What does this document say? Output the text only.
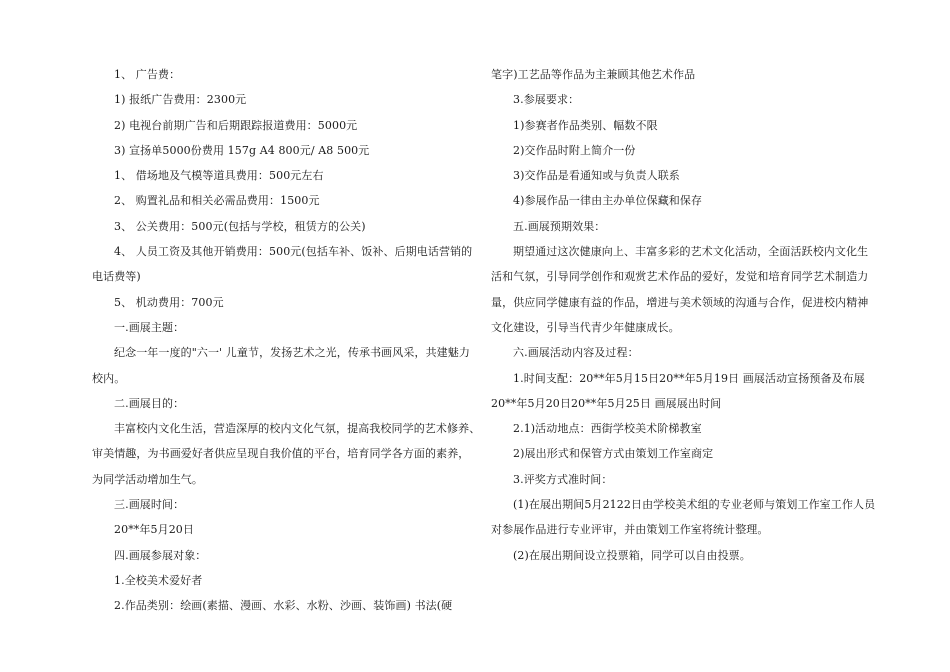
1、 广告费：
1) 报纸广告费用：2300元
2) 电视台前期广告和后期跟踪报道费用：5000元
3) 宣扬单5000份费用 157g A4 800元/ A8 500元
1、 借场地及气模等道具费用：500元左右
2、 购置礼品和相关必需品费用：1500元
3、 公关费用：500元(包括与学校，租赁方的公关)
4、 人员工资及其他开销费用：500元(包括车补、饭补、后期电话营销的
电话费等)
5、 机动费用：700元
一.画展主题：
纪念一年一度的"六一' 儿童节，发扬艺术之光，传承书画风采，共建魅力
校内。
二.画展目的：
丰富校内文化生活，营造深厚的校内文化气氛，提高我校同学的艺术修养、
审美情趣，为书画爱好者供应呈现自我价值的平台，培育同学各方面的素养，
为同学活动增加生气。
三.画展时间：
20**年5月20日
四.画展参展对象：
1.全校美术爱好者
2.作品类别：绘画(素描、漫画、水彩、水粉、沙画、装饰画) 书法(硬
笔字)工艺品等作品为主兼顾其他艺术作品
3.参展要求：
1)参赛者作品类别、幅数不限
2)交作品时附上简介一份
3)交作品是看通知或与负责人联系
4)参展作品一律由主办单位保藏和保存
五.画展预期效果：
期望通过这次健康向上、丰富多彩的艺术文化活动，全面活跃校内文化生
活和气氛，引导同学创作和观赏艺术作品的爱好，发觉和培育同学艺术制造力
量，供应同学健康有益的作品，增进与美术领域的沟通与合作，促进校内精神
文化建设，引导当代青少年健康成长。
六.画展活动内容及过程：
1.时间支配：20**年5月15日20**年5月19日 画展活动宣扬预备及布展
20**年5月20日20**年5月25日 画展展出时间
2.1)活动地点：西街学校美术阶梯教室
2)展出形式和保管方式由策划工作室商定
3.评奖方式准时间：
(1)在展出期间5月2122日由学校美术组的专业老师与策划工作室工作人员
对参展作品进行专业评审，并由策划工作室将统计整理。
(2)在展出期间设立投票箱，同学可以自由投票。
